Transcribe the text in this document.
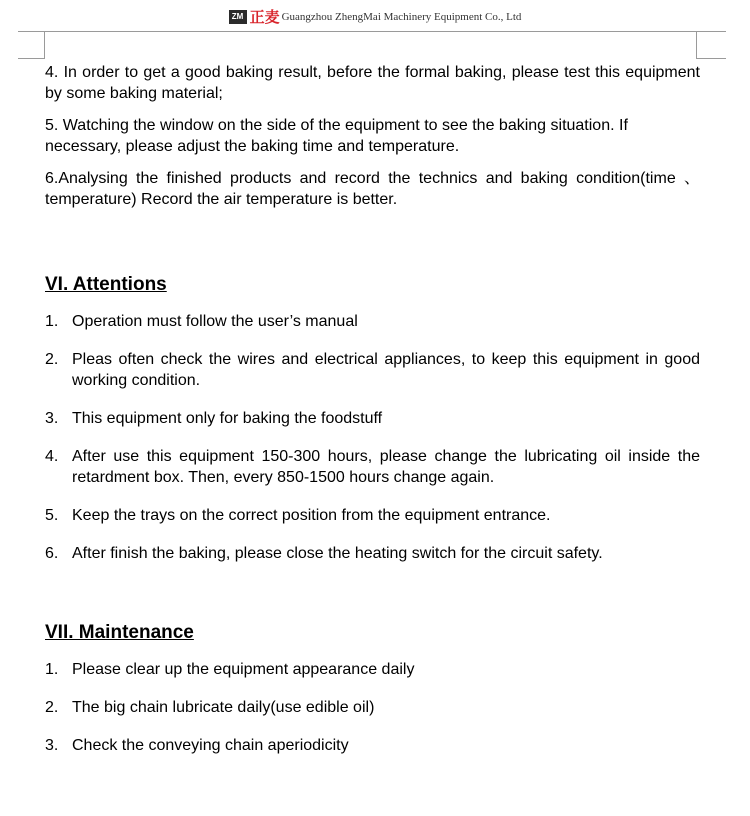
ZM 正麦 Guangzhou ZhengMai Machinery Equipment Co., Ltd

4. In order to get a good baking result, before the formal baking, please test this equipment by some baking material;

5. Watching the window on the side of the equipment to see the baking situation. If necessary, please adjust the baking time and temperature.

6.Analysing the finished products and record the technics and baking condition(time 、temperature) Record the air temperature is better.

VI. Attentions
1. Operation must follow the user’s manual
2. Pleas often check the wires and electrical appliances, to keep this equipment in good working condition.
3. This equipment only for baking the foodstuff
4. After use this equipment 150-300 hours, please change the lubricating oil inside the retardment box. Then, every 850-1500 hours change again.
5. Keep the trays on the correct position from the equipment entrance.
6. After finish the baking, please close the heating switch for the circuit safety.
VII. Maintenance
1. Please clear up the equipment appearance daily
2. The big chain lubricate daily(use edible oil)
3. Check the conveying chain aperiodicity
